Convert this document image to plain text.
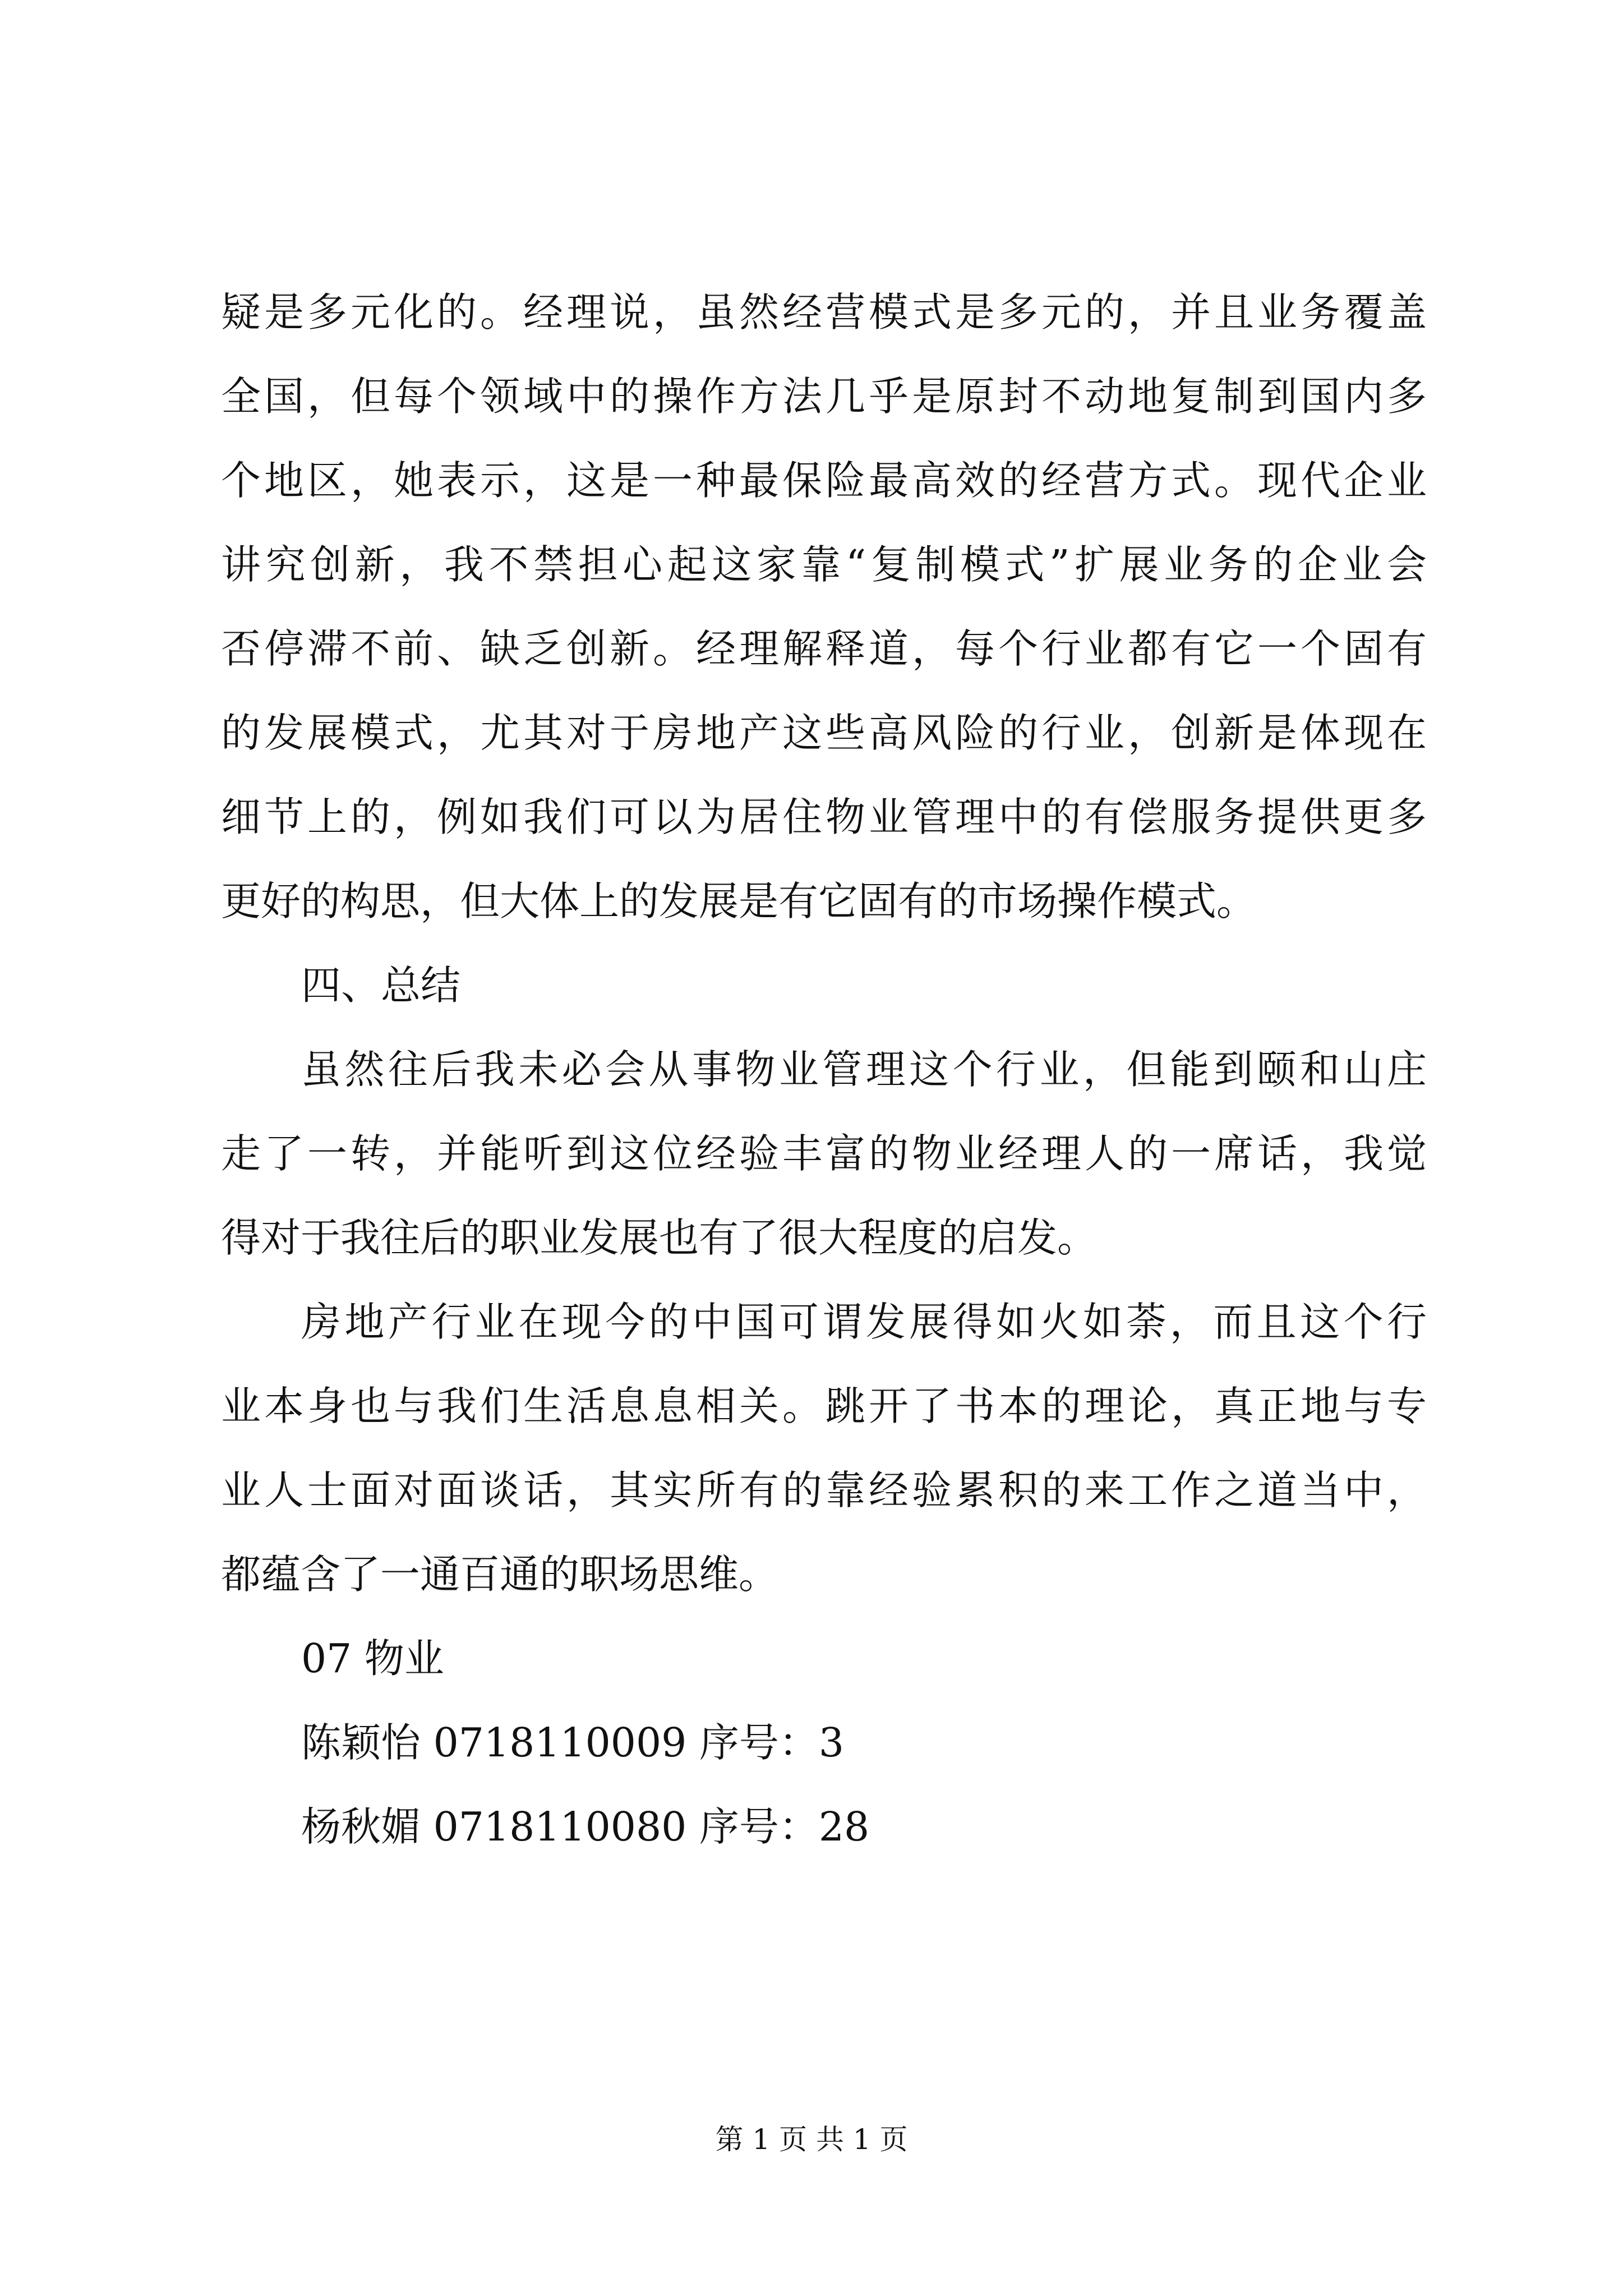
疑是多元化的。经理说，虽然经营模式是多元的，并且业务覆盖
全国，但每个领域中的操作方法几乎是原封不动地复制到国内多
个地区，她表示，这是一种最保险最高效的经营方式。现代企业
讲究创新，我不禁担心起这家靠“复制模式”扩展业务的企业会
否停滞不前、缺乏创新。经理解释道，每个行业都有它一个固有
的发展模式，尤其对于房地产这些高风险的行业，创新是体现在
细节上的，例如我们可以为居住物业管理中的有偿服务提供更多
更好的构思，但大体上的发展是有它固有的市场操作模式。
四、总结
虽然往后我未必会从事物业管理这个行业，但能到颐和山庄
走了一转，并能听到这位经验丰富的物业经理人的一席话，我觉
得对于我往后的职业发展也有了很大程度的启发。
房地产行业在现今的中国可谓发展得如火如荼，而且这个行
业本身也与我们生活息息相关。跳开了书本的理论，真正地与专
业人士面对面谈话，其实所有的靠经验累积的来工作之道当中，
都蕴含了一通百通的职场思维。
07 物业
陈颖怡 0718110009 序号：3
杨秋媚 0718110080 序号：28
第 1 页 共 1 页
